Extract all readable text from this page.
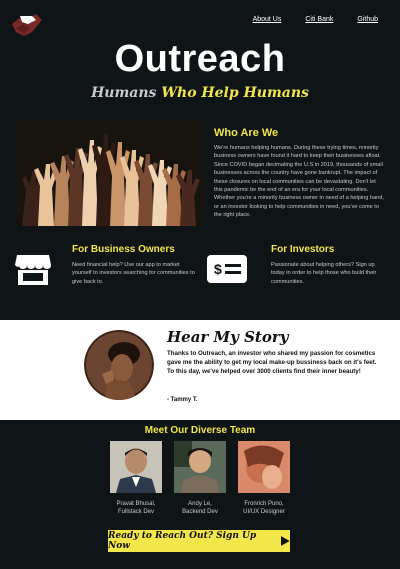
About Us	Citi Bank	Github
Outreach
Humans Who Help Humans
Who Are We
We're humans helping humans. During these trying times, minority business owners have found it hard to keep their businesses afloat. Since COVID began decimating the U.S in 2019, thousands of small businesses across the country have gone bankrupt. The impact of these closures on local communities can be devastating. Don't let this pandemic be the end of an era for your local communities. Whether you're a minority business owner in need of a helping hand, or an investor looking to help communities in need, you've come to the right place.
For Business Owners
Need financial help? Use our app to market yourself to investors searching for communities to give back to.
$
For Investors
Passionate about helping others? Sign up today in order to help those who build their communities.
Hear My Story
Thanks to Outreach, an investor who shared my passion for cosmetics gave me the ability to get my local make-up bussiness back on it's feet. To this day, we've helped over 3000 clients find their inner beauty!
- Tammy T.
Meet Our Diverse Team
Pravat Bhusal,
Fullstack Dev
Andy Le,
Backend Dev
Fronrich Puno,
UI/UX Designer
Ready to Reach Out? Sign Up Now
